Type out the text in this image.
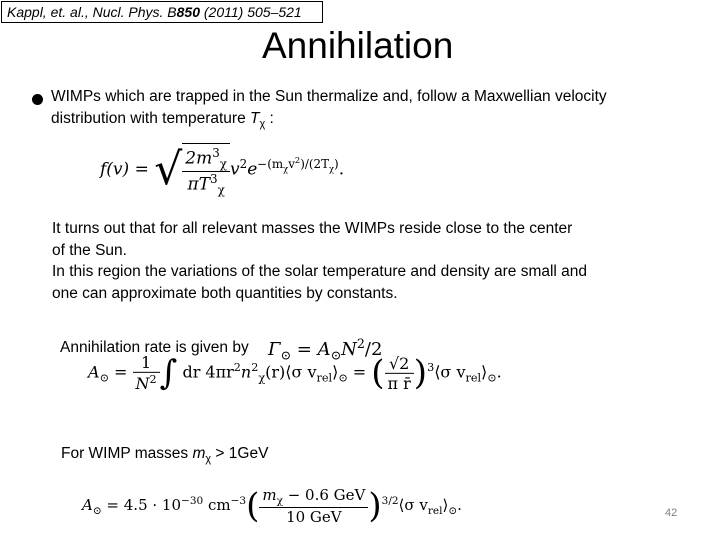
Kappl, et. al., Nucl. Phys. B850 (2011) 505–521
Annihilation
WIMPs which are trapped in the Sun thermalize and, follow a Maxwellian velocity
distribution with temperature $T_\chi$ :
f(v) = √ $\frac{2m^3_\chi}{\pi T^3_\chi} v^2e^{-(m_\chi v^2)/(2T_\chi)}$.
It turns out that for all relevant masses the WIMPs reside close to the center
of the Sun.
In this region the variations of the solar temperature and density are small and
one can approximate both quantities by constants.
Annihilation rate is given by $\Gamma_⊙ = A_⊙N^2/2$
$A_⊙ = \frac{1}{N^2}$ ∫ dr $4\pi r^2n^2_\chi(r)⟨\sigma$ $v_{rel}⟩_⊙$ = ( $\frac{√2}{\text{π r̄}}$ )$^3$⟨σ $v_{rel}⟩_⊙$.
For WIMP masses $m_\chi > 1GeV$
$A_⊙ = 4.5 \cdot 10^{-30}$ $cm^{-3}( \frac{m_\chi - 0.6 GeV}{\text{10 GeV}}$ )$^{3/2}⟨\sigma$ $v_{rel}⟩_⊙$.	42
